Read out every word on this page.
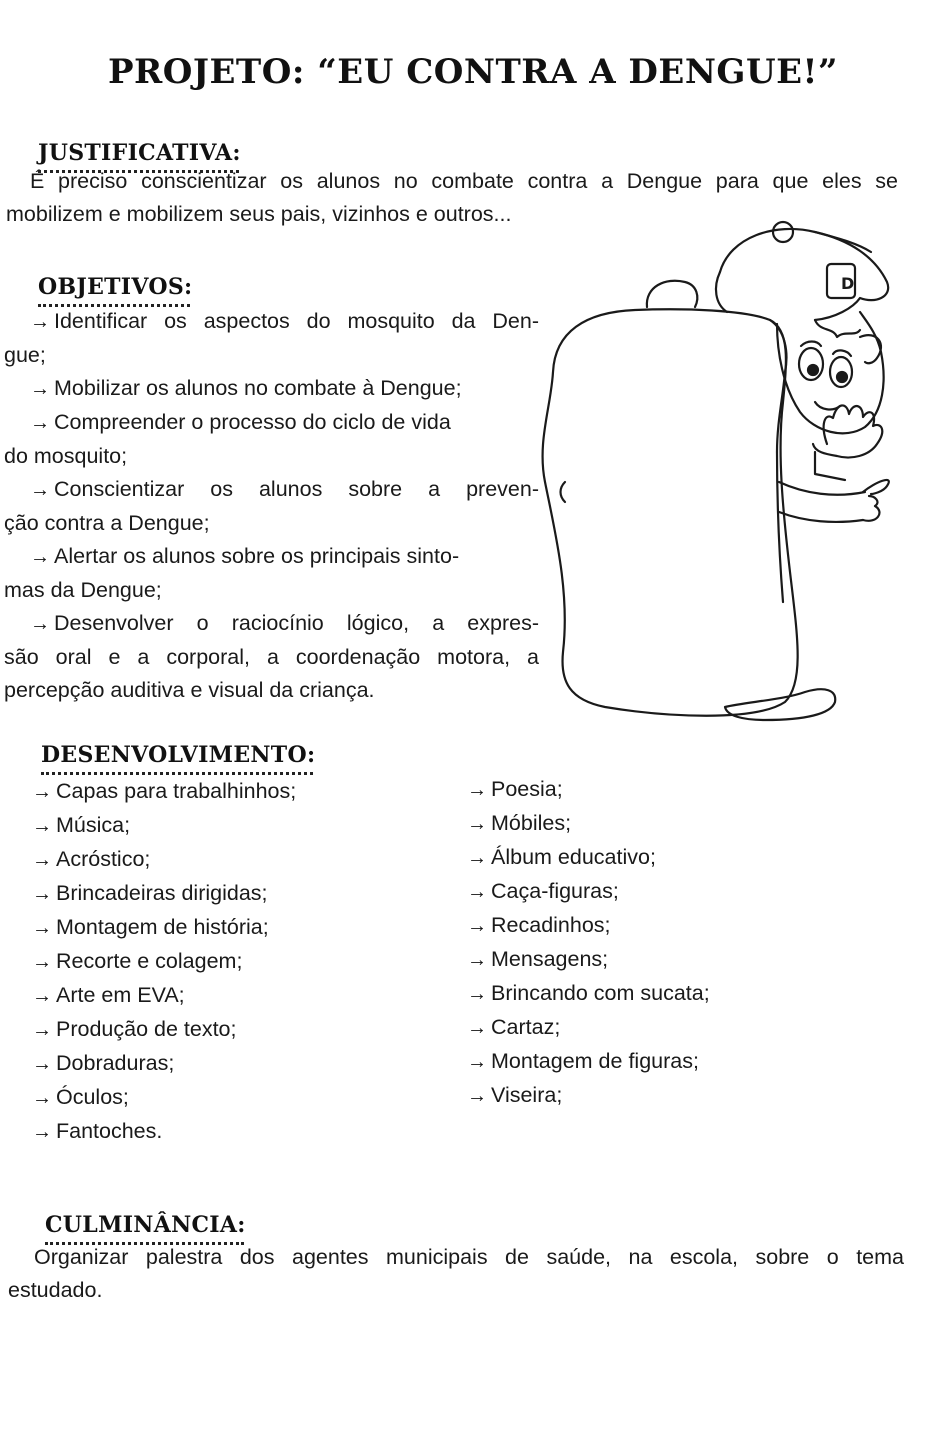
PROJETO: “EU CONTRA A DENGUE!”
JUSTIFICATIVA:
É preciso conscientizar os alunos no combate contra a Dengue para que eles se
mobilizem e mobilizem seus pais, vizinhos e outros...
OBJETIVOS:
→ Identificar os aspectos do mosquito da Den-
gue;
→ Mobilizar os alunos no combate à Dengue;
→ Compreender o processo do ciclo de vida
do mosquito;
→ Conscientizar os alunos sobre a preven-
ção contra a Dengue;
→ Alertar os alunos sobre os principais sinto-
mas da Dengue;
→ Desenvolver o raciocínio lógico, a expres-
são oral e a corporal, a coordenação motora, a
percepção auditiva e visual da criança.
D
DESENVOLVIMENTO:
→ Capas para trabalhinhos;
→ Música;
→ Acróstico;
→ Brincadeiras dirigidas;
→ Montagem de história;
→ Recorte e colagem;
→ Arte em EVA;
→ Produção de texto;
→ Dobraduras;
→ Óculos;
→ Fantoches.
→ Poesia;
→ Móbiles;
→ Álbum educativo;
→ Caça-figuras;
→ Recadinhos;
→ Mensagens;
→ Brincando com sucata;
→ Cartaz;
→ Montagem de figuras;
→ Viseira;
CULMINÂNCIA:
Organizar palestra dos agentes municipais de saúde, na escola, sobre o tema
estudado.
